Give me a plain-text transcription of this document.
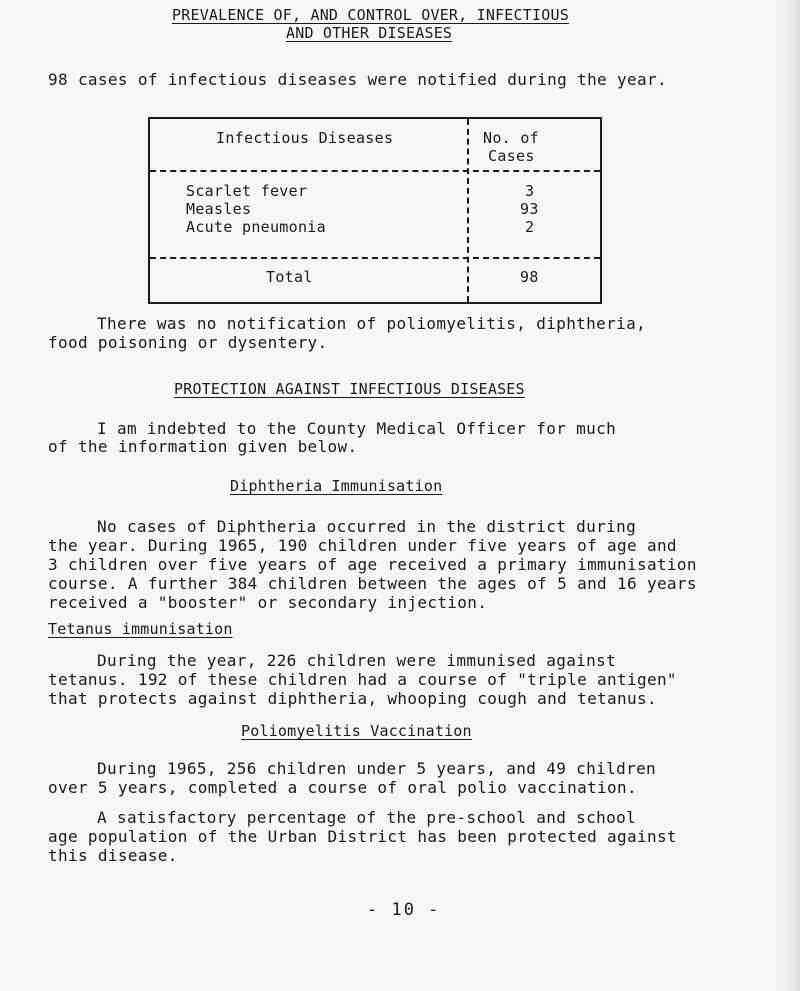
PREVALENCE OF, AND CONTROL OVER, INFECTIOUS
AND OTHER DISEASES
98 cases of infectious diseases were notified during the year.
Infectious Diseases	No. of
Cases
Scarlet fever	3
Measles	93
Acute pneumonia	2
Total	98
There was no notification of poliomyelitis, diphtheria,
food poisoning or dysentery.
PROTECTION AGAINST INFECTIOUS DISEASES
I am indebted to the County Medical Officer for much
of the information given below.
Diphtheria Immunisation
No cases of Diphtheria occurred in the district during
the year. During 1965, 190 children under five years of age and
3 children over five years of age received a primary immunisation
course. A further 384 children between the ages of 5 and 16 years
received a "booster" or secondary injection.
Tetanus immunisation
During the year, 226 children were immunised against
tetanus. 192 of these children had a course of "triple antigen"
that protects against diphtheria, whooping cough and tetanus.
Poliomyelitis Vaccination
During 1965, 256 children under 5 years, and 49 children
over 5 years, completed a course of oral polio vaccination.
A satisfactory percentage of the pre-school and school
age population of the Urban District has been protected against
this disease.
- 10 -
